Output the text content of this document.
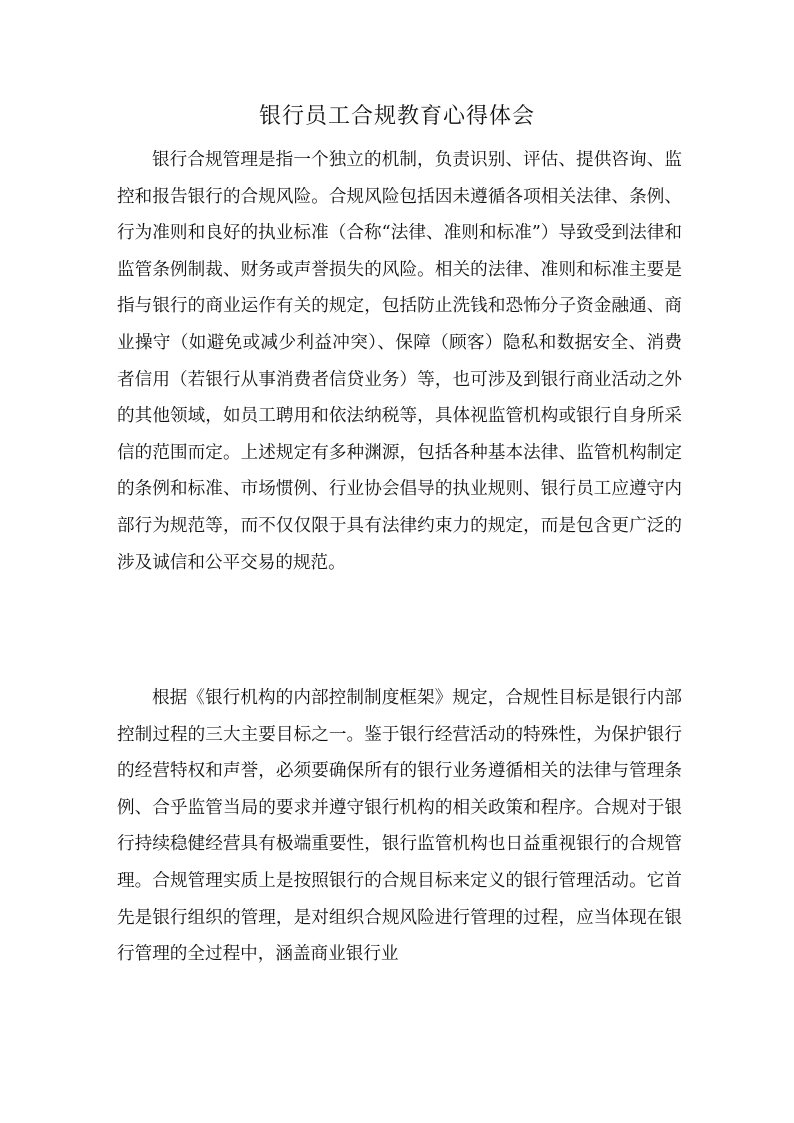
银行员工合规教育心得体会

银行合规管理是指一个独立的机制，负责识别、评估、提供咨询、监控和报告银行的合规风险。合规风险包括因未遵循各项相关法律、条例、行为准则和良好的执业标准（合称“法律、准则和标准”）导致受到法律和监管条例制裁、财务或声誉损失的风险。相关的法律、准则和标准主要是指与银行的商业运作有关的规定，包括防止洗钱和恐怖分子资金融通、商业操守（如避免或减少利益冲突）、保障（顾客）隐私和数据安全、消费者信用（若银行从事消费者信贷业务）等，也可涉及到银行商业活动之外的其他领域，如员工聘用和依法纳税等，具体视监管机构或银行自身所采信的范围而定。上述规定有多种渊源，包括各种基本法律、监管机构制定的条例和标准、市场惯例、行业协会倡导的执业规则、银行员工应遵守内部行为规范等，而不仅仅限于具有法律约束力的规定，而是包含更广泛的涉及诚信和公平交易的规范。

根据《银行机构的内部控制制度框架》规定，合规性目标是银行内部控制过程的三大主要目标之一。鉴于银行经营活动的特殊性，为保护银行的经营特权和声誉，必须要确保所有的银行业务遵循相关的法律与管理条例、合乎监管当局的要求并遵守银行机构的相关政策和程序。合规对于银行持续稳健经营具有极端重要性，银行监管机构也日益重视银行的合规管理。合规管理实质上是按照银行的合规目标来定义的银行管理活动。它首先是银行组织的管理，是对组织合规风险进行管理的过程，应当体现在银行管理的全过程中，涵盖商业银行业
